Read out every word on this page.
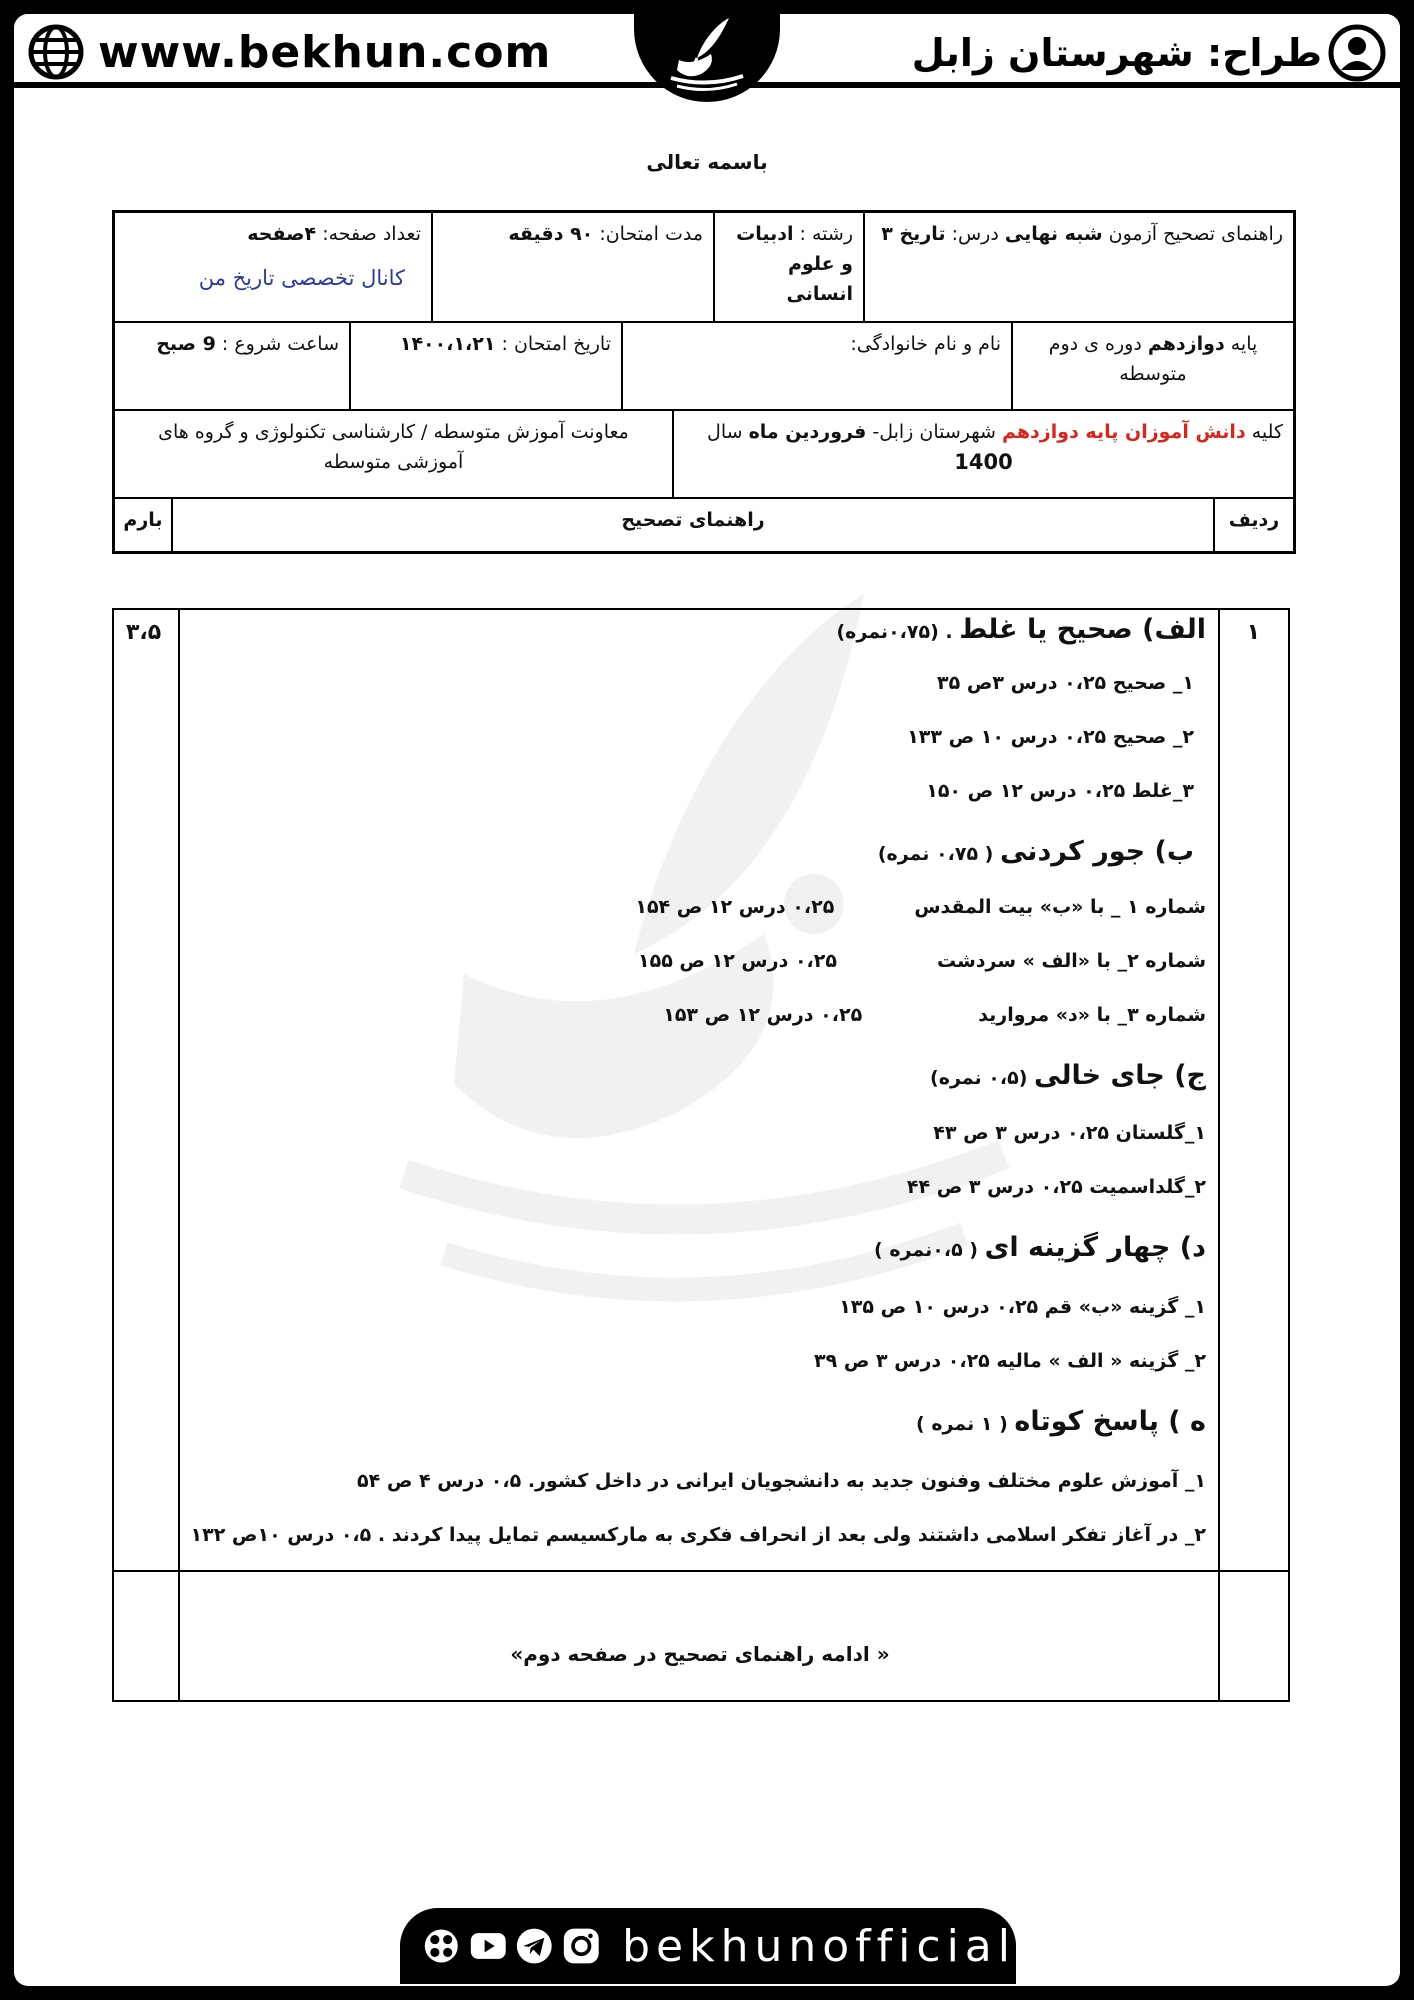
www.bekhun.com	طراح: شهرستان زابل
باسمه تعالی
راهنمای تصحیح آزمون شبه نهایی درس: تاریخ ۳
رشته : ادبیات
و علوم انسانی
مدت امتحان: ۹۰ دقیقه
تعداد صفحه: ۴صفحه
کانال تخصصی تاریخ من
پایه دوازدهم دوره ی دوم متوسطه
نام و نام خانوادگی:
تاریخ امتحان : ۱۴۰۰،۱،۲۱
ساعت شروع : 9 صبح
کلیه دانش آموزان پایه دوازدهم شهرستان زابل- فروردین ماه سال
1400
معاونت آموزش متوسطه / کارشناسی تکنولوژی و گروه های آموزشی متوسطه
ردیف
راهنمای تصحیح
بارم
۱
۳،۵	الف) صحیح یا غلط . (۰،۷۵نمره)
۱_ صحیح ۰،۲۵ درس ۳ص ۳۵
۲_ صحیح ۰،۲۵ درس ۱۰ ص ۱۳۳
۳_غلط ۰،۲۵ درس ۱۲ ص ۱۵۰
ب) جور کردنی ( ۰،۷۵ نمره)
شماره ۱ _ با «ب» بیت المقدس۰،۲۵ درس ۱۲ ص ۱۵۴
شماره ۲_ با «الف » سردشت۰،۲۵ درس ۱۲ ص ۱۵۵
شماره ۳_ با «د» مروارید۰،۲۵ درس ۱۲ ص ۱۵۳
ج) جای خالی (۰،۵ نمره)
۱_گلستان ۰،۲۵ درس ۳ ص ۴۳
۲_گلداسمیت ۰،۲۵ درس ۳ ص ۴۴
د) چهار گزینه ای ( ۰،۵نمره )
۱_ گزینه «ب» قم ۰،۲۵ درس ۱۰ ص ۱۳۵
۲_ گزینه « الف » مالیه ۰،۲۵ درس ۳ ص ۳۹
ه ) پاسخ کوتاه ( ۱ نمره )
۱_ آموزش علوم مختلف وفنون جدید به دانشجویان ایرانی در داخل کشور. ۰،۵ درس ۴ ص ۵۴
۲_ در آغاز تفکر اسلامی داشتند ولی بعد از انحراف فکری به مارکسیسم تمایل پیدا کردند . ۰،۵ درس ۱۰ص ۱۳۲
« ادامه راهنمای تصحیح در صفحه دوم»
bekhunofficial
